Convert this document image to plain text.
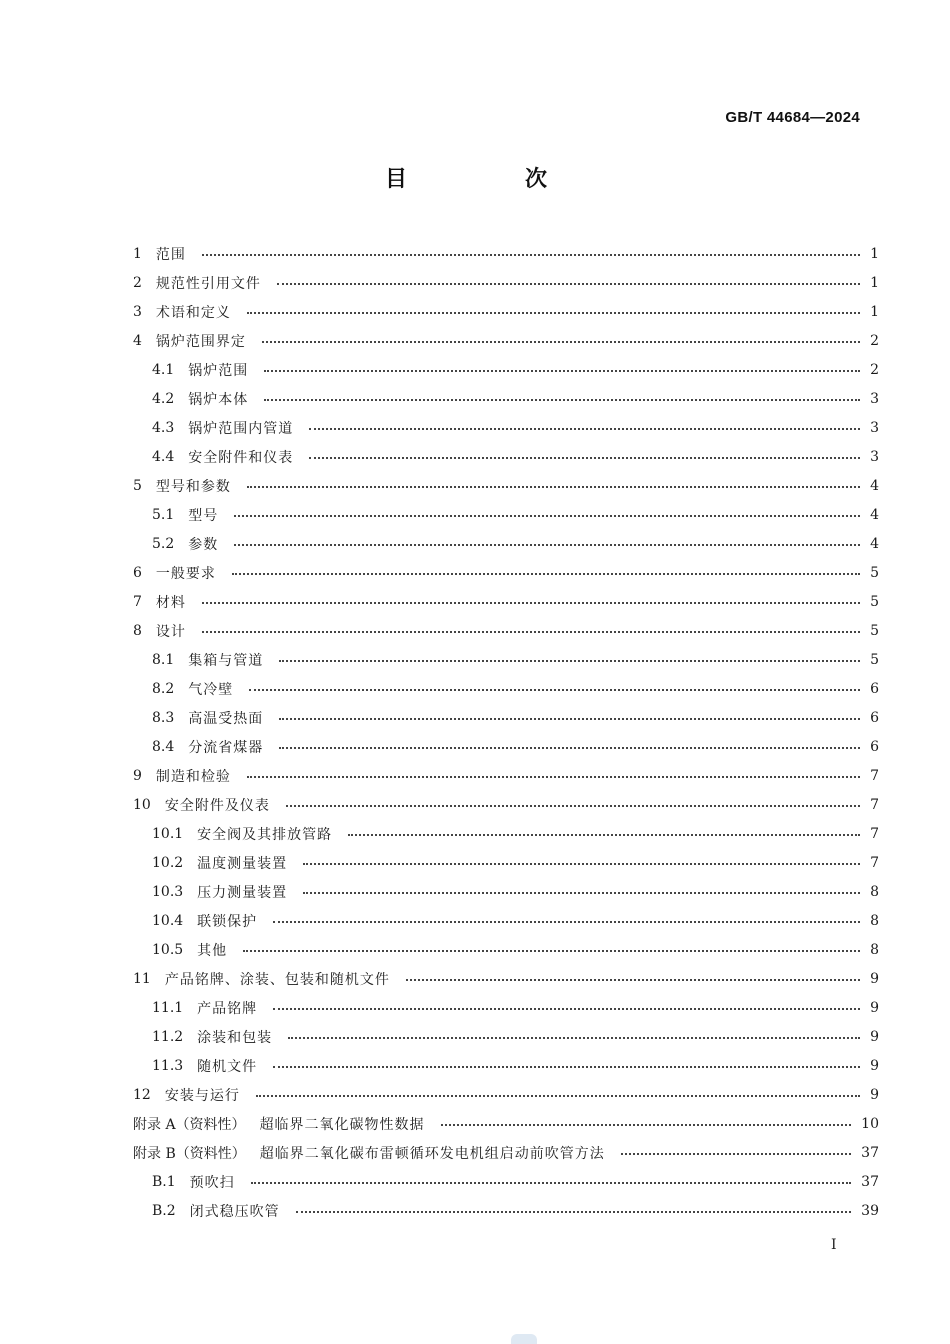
GB/T 44684—2024
目　次
1 范围	1
2 规范性引用文件	1
3 术语和定义	1
4 锅炉范围界定	2
4.1 锅炉范围	2
4.2 锅炉本体	3
4.3 锅炉范围内管道	3
4.4 安全附件和仪表	3
5 型号和参数	4
5.1 型号	4
5.2 参数	4
6 一般要求	5
7 材料	5
8 设计	5
8.1 集箱与管道	5
8.2 气冷壁	6
8.3 高温受热面	6
8.4 分流省煤器	6
9 制造和检验	7
10 安全附件及仪表	7
10.1 安全阀及其排放管路	7
10.2 温度测量装置	7
10.3 压力测量装置	8
10.4 联锁保护	8
10.5 其他	8
11 产品铭牌、涂装、包装和随机文件	9
11.1 产品铭牌	9
11.2 涂装和包装	9
11.3 随机文件	9
12 安装与运行	9
附录 A（资料性） 超临界二氧化碳物性数据	10
附录 B（资料性） 超临界二氧化碳布雷顿循环发电机组启动前吹管方法	37
B.1 预吹扫	37
B.2 闭式稳压吹管	39
I
